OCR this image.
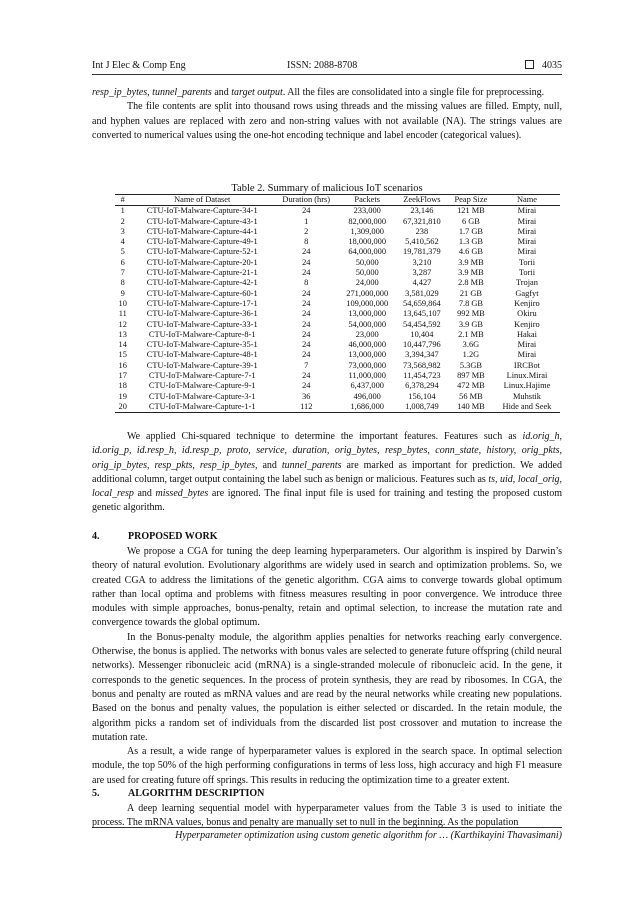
Int J Elec & Comp Eng	ISSN: 2088-8708	4035

resp_ip_bytes, tunnel_parents and target output. All the files are consolidated into a single file for preprocessing.

The file contents are split into thousand rows using threads and the missing values are filled. Empty, null, and hyphen values are replaced with zero and non-string values with not available (NA). The strings values are converted to numerical values using the one-hot encoding technique and label encoder (categorical values).

Table 2. Summary of malicious IoT scenarios
#	Name of Dataset	Duration (hrs)	Packets	ZeekFlows	Peap Size	Name
1	CTU-IoT-Malware-Capture-34-1	24	233,000	23,146	121 MB	Mirai
2	CTU-IoT-Malware-Capture-43-1	1	82,000,000	67,321,810	6 GB	Mirai
3	CTU-IoT-Malware-Capture-44-1	2	1,309,000	238	1.7 GB	Mirai
4	CTU-IoT-Malware-Capture-49-1	8	18,000,000	5,410,562	1.3 GB	Mirai
5	CTU-IoT-Malware-Capture-52-1	24	64,000,000	19,781,379	4.6 GB	Mirai
6	CTU-IoT-Malware-Capture-20-1	24	50,000	3,210	3.9 MB	Torii
7	CTU-IoT-Malware-Capture-21-1	24	50,000	3,287	3.9 MB	Torii
8	CTU-IoT-Malware-Capture-42-1	8	24,000	4,427	2.8 MB	Trojan
9	CTU-IoT-Malware-Capture-60-1	24	271,000,000	3,581,029	21 GB	Gagfyt
10	CTU-IoT-Malware-Capture-17-1	24	109,000,000	54,659,864	7.8 GB	Kenjiro
11	CTU-IoT-Malware-Capture-36-1	24	13,000,000	13,645,107	992 MB	Okiru
12	CTU-IoT-Malware-Capture-33-1	24	54,000,000	54,454,592	3.9 GB	Kenjiro
13	CTU-IoT-Malware-Capture-8-1	24	23,000	10,404	2.1 MB	Hakai
14	CTU-IoT-Malware-Capture-35-1	24	46,000,000	10,447,796	3.6G	Mirai
15	CTU-IoT-Malware-Capture-48-1	24	13,000,000	3,394,347	1.2G	Mirai
16	CTU-IoT-Malware-Capture-39-1	7	73,000,000	73,568,982	5.3GB	IRCBot
17	CTU-IoT-Malware-Capture-7-1	24	11,000,000	11,454,723	897 MB	Linux.Mirai
18	CTU-IoT-Malware-Capture-9-1	24	6,437,000	6,378,294	472 MB	Linux.Hajime
19	CTU-IoT-Malware-Capture-3-1	36	496,000	156,104	56 MB	Muhstik
20	CTU-IoT-Malware-Capture-1-1	112	1,686,000	1,008,749	140 MB	Hide and Seek

We applied Chi-squared technique to determine the important features. Features such as id.orig_h, id.orig_p, id.resp_h, id.resp_p, proto, service, duration, orig_bytes, resp_bytes, conn_state, history, orig_pkts, orig_ip_bytes, resp_pkts, resp_ip_bytes, and tunnel_parents are marked as important for prediction. We added additional column, target output containing the label such as benign or malicious. Features such as ts, uid, local_orig, local_resp and missed_bytes are ignored. The final input file is used for training and testing the proposed custom genetic algorithm.

4.	PROPOSED WORK

We propose a CGA for tuning the deep learning hyperparameters. Our algorithm is inspired by Darwin’s theory of natural evolution. Evolutionary algorithms are widely used in search and optimization problems. So, we created CGA to address the limitations of the genetic algorithm. CGA aims to converge towards global optimum rather than local optima and problems with fitness measures resulting in poor convergence. We introduce three modules with simple approaches, bonus-penalty, retain and optimal selection, to increase the mutation rate and convergence towards the global optimum.

In the Bonus-penalty module, the algorithm applies penalties for networks reaching early convergence. Otherwise, the bonus is applied. The networks with bonus vales are selected to generate future offspring (child neural networks). Messenger ribonucleic acid (mRNA) is a single-stranded molecule of ribonucleic acid. In the gene, it corresponds to the genetic sequences. In the process of protein synthesis, they are read by ribosomes. In CGA, the bonus and penalty are routed as mRNA values and are read by the neural networks while creating new populations. Based on the bonus and penalty values, the population is either selected or discarded. In the retain module, the algorithm picks a random set of individuals from the discarded list post crossover and mutation to increase the mutation rate.

As a result, a wide range of hyperparameter values is explored in the search space. In optimal selection module, the top 50% of the high performing configurations in terms of less loss, high accuracy and high F1 measure are used for creating future off springs. This results in reducing the optimization time to a greater extent.

5.	ALGORITHM DESCRIPTION

A deep learning sequential model with hyperparameter values from the Table 3 is used to initiate the process. The mRNA values, bonus and penalty are manually set to null in the beginning. As the population

Hyperparameter optimization using custom genetic algorithm for … (Karthikayini Thavasimani)
